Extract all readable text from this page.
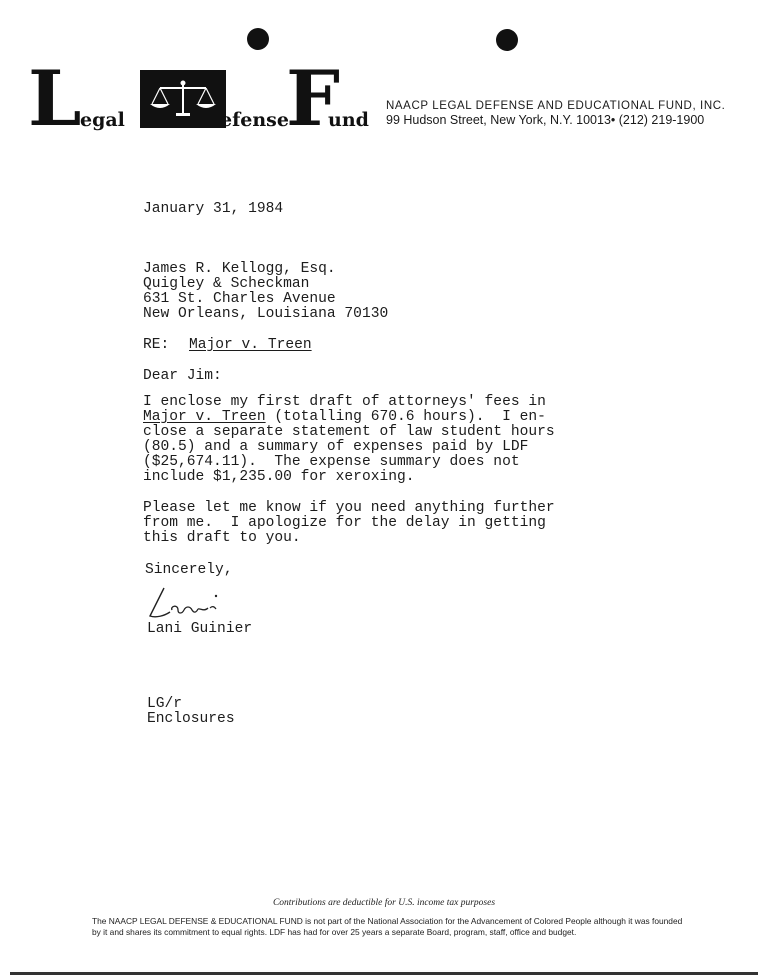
L egal	efense
F
und
NAACP LEGAL DEFENSE AND EDUCATIONAL FUND, INC.
99 Hudson Street, New York, N.Y. 10013• (212) 219-1900
January 31, 1984
James R. Kellogg, Esq.
Quigley & Scheckman
631 St. Charles Avenue
New Orleans, Louisiana 70130
RE: Major v. Treen
Dear Jim:
I enclose my first draft of attorneys' fees in
Major v. Treen (totalling 670.6 hours).  I en-
close a separate statement of law student hours
(80.5) and a summary of expenses paid by LDF
($25,674.11).  The expense summary does not
include $1,235.00 for xeroxing.
Please let me know if you need anything further
from me.  I apologize for the delay in getting
this draft to you.
Sincerely,
Lani Guinier
LG/r
Enclosures
Contributions are deductible for U.S. income tax purposes
The NAACP LEGAL DEFENSE & EDUCATIONAL FUND is not part of the National Association for the Advancement of Colored People although it was founded by it and shares its commitment to equal rights. LDF has had for over 25 years a separate Board, program, staff, office and budget.
